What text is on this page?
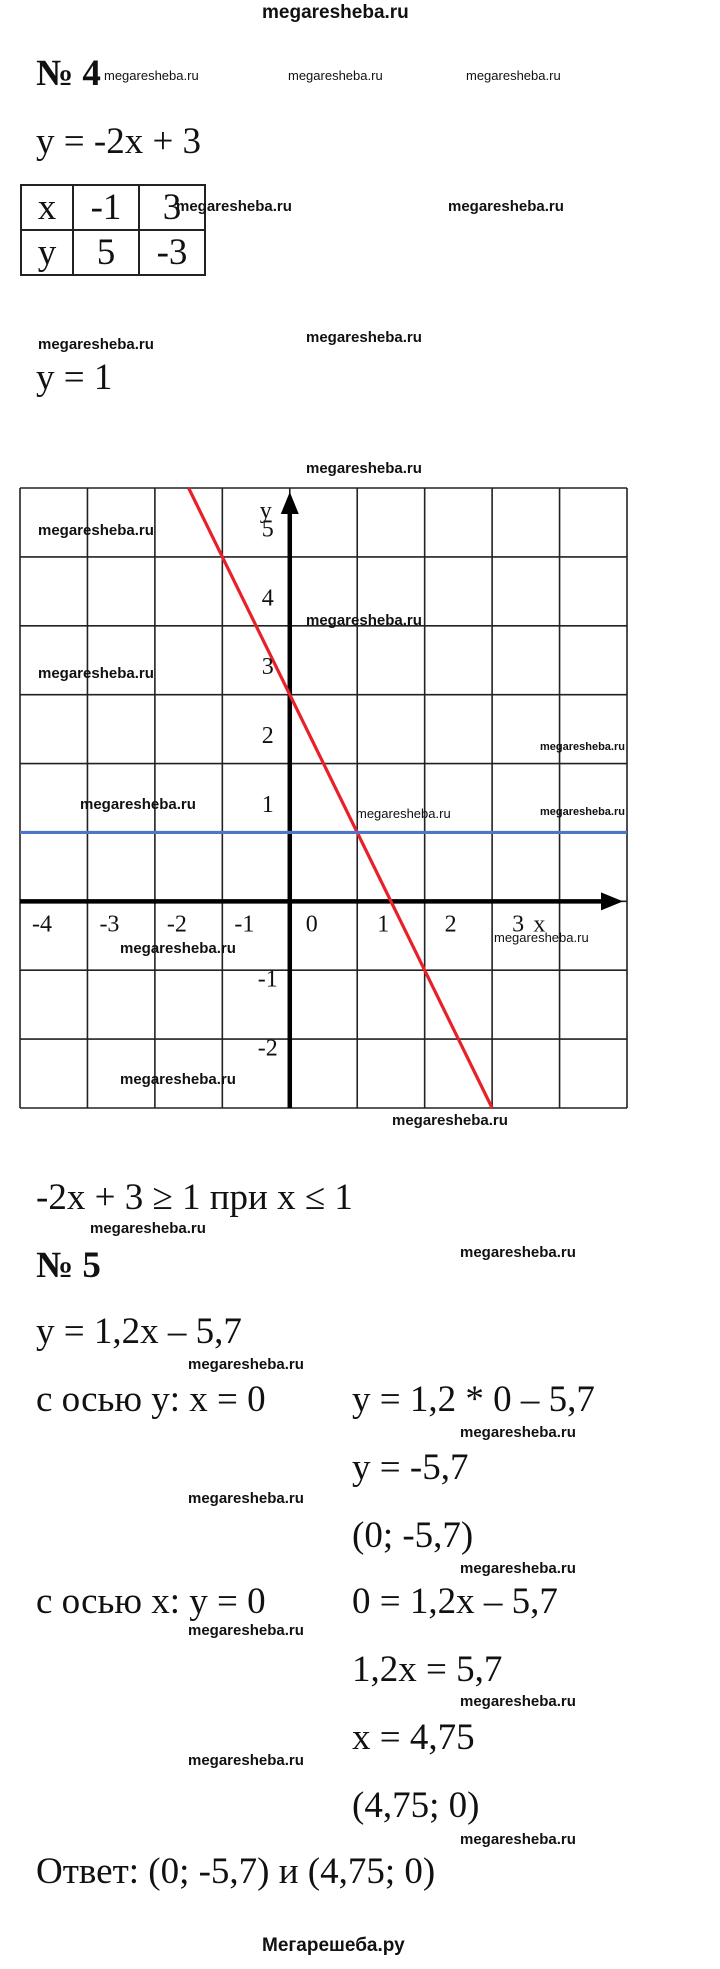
megaresheba.ru
Мегарешеба.ру
№ 4
y = -2x + 3
x	-1	3
y	5	-3
y = 1
-4 -3 -2 -1 0 1 2 3 x
5
4
3
2
1
-1
-2
y
-2x + 3 ≥ 1 при x ≤ 1
№ 5
y = 1,2x – 5,7
с осью y: x = 0 y = 1,2 * 0 – 5,7
y = -5,7
(0; -5,7)
с осью x: y = 0 0 = 1,2x – 5,7
1,2x = 5,7
x = 4,75
(4,75; 0)
Ответ: (0; -5,7) и (4,75; 0)
megaresheba.ru	megaresheba.ru	megaresheba.ru
megaresheba.ru	megaresheba.ru
megaresheba.ru	megaresheba.ru
megaresheba.ru
megaresheba.ru
megaresheba.ru
megaresheba.ru
megaresheba.ru
megaresheba.ru
megaresheba.ru	megaresheba.ru
megaresheba.ru
megaresheba.ru
megaresheba.ru
megaresheba.ru
megaresheba.ru
megaresheba.ru
megaresheba.ru
megaresheba.ru
megaresheba.ru
megaresheba.ru
megaresheba.ru
megaresheba.ru
megaresheba.ru
megaresheba.ru
